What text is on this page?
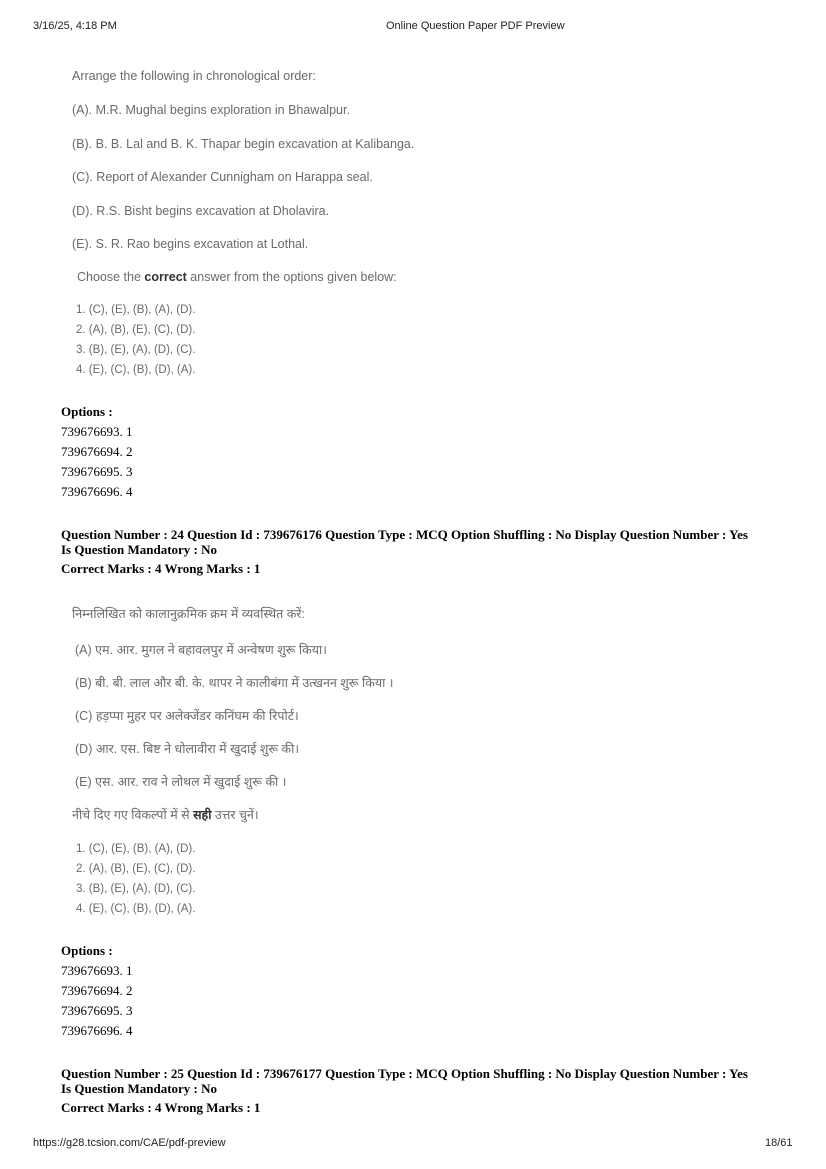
3/16/25, 4:18 PM	Online Question Paper PDF Preview
Arrange the following in chronological order:
(A). M.R. Mughal begins exploration in Bhawalpur.
(B). B. B. Lal and B. K. Thapar begin excavation at Kalibanga.
(C). Report of Alexander Cunnigham on Harappa seal.
(D). R.S. Bisht begins excavation at Dholavira.
(E). S. R. Rao begins excavation at Lothal.
Choose the correct answer from the options given below:
1. (C), (E), (B), (A), (D).
2. (A), (B), (E), (C), (D).
3. (B), (E), (A), (D), (C).
4. (E), (C), (B), (D), (A).
Options :
739676693. 1
739676694. 2
739676695. 3
739676696. 4
Question Number : 24 Question Id : 739676176 Question Type : MCQ Option Shuffling : No Display Question Number : Yes
Is Question Mandatory : No
Correct Marks : 4 Wrong Marks : 1
निम्नलिखित को कालानुक्रमिक क्रम में व्यवस्थित करें:
(A) एम. आर. मुगल ने बहावलपुर में अन्वेषण शुरू किया।
(B) बी. बी. लाल और बी. के. थापर ने कालीबंगा में उत्खनन शुरू किया ।
(C) हड़प्पा मुहर पर अलेक्जेंडर कनिंघम की रिपोर्ट।
(D) आर. एस. बिष्ट ने धोलावीरा में खुदाई शुरू की।
(E) एस. आर. राव ने लोथल में खुदाई शुरू की ।
नीचे दिए गए विकल्पों में से सही उत्तर चुनें।
1. (C), (E), (B), (A), (D).
2. (A), (B), (E), (C), (D).
3. (B), (E), (A), (D), (C).
4. (E), (C), (B), (D), (A).
Options :
739676693. 1
739676694. 2
739676695. 3
739676696. 4
Question Number : 25 Question Id : 739676177 Question Type : MCQ Option Shuffling : No Display Question Number : Yes
Is Question Mandatory : No
Correct Marks : 4 Wrong Marks : 1
https://g28.tcsion.com/CAE/pdf-preview	18/61
